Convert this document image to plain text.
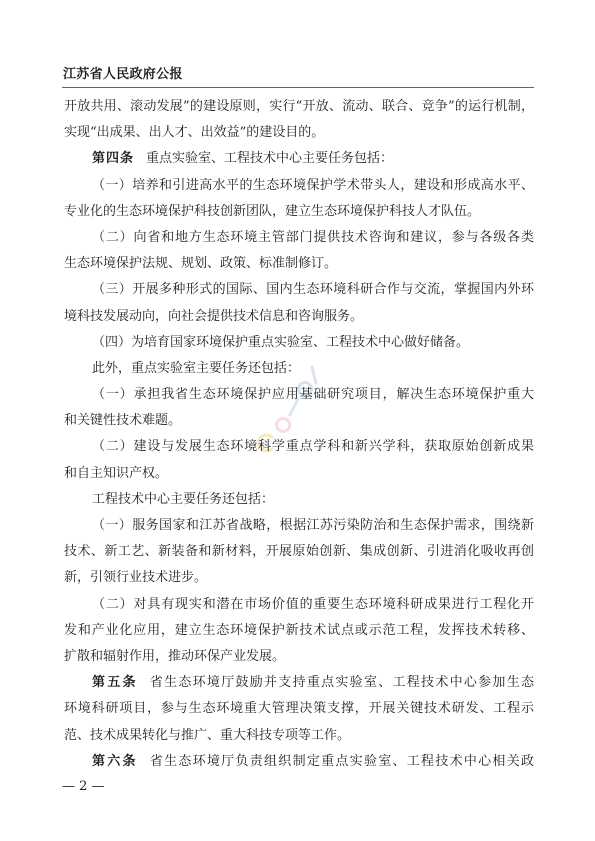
江苏省人民政府公报
开放共用、滚动发展”的建设原则，实行“开放、流动、联合、竞争”的运行机制，
实现“出成果、出人才、出效益”的建设目的。
第四条 重点实验室、工程技术中心主要任务包括：
（一）培养和引进高水平的生态环境保护学术带头人，建设和形成高水平、
专业化的生态环境保护科技创新团队，建立生态环境保护科技人才队伍。
（二）向省和地方生态环境主管部门提供技术咨询和建议，参与各级各类
生态环境保护法规、规划、政策、标准制修订。
（三）开展多种形式的国际、国内生态环境科研合作与交流，掌握国内外环
境科技发展动向，向社会提供技术信息和咨询服务。
（四）为培育国家环境保护重点实验室、工程技术中心做好储备。
此外，重点实验室主要任务还包括：
（一）承担我省生态环境保护应用基础研究项目，解决生态环境保护重大
和关键性技术难题。
（二）建设与发展生态环境科学重点学科和新兴学科，获取原始创新成果
和自主知识产权。
工程技术中心主要任务还包括：
（一）服务国家和江苏省战略，根据江苏污染防治和生态保护需求，围绕新
技术、新工艺、新装备和新材料，开展原始创新、集成创新、引进消化吸收再创
新，引领行业技术进步。
（二）对具有现实和潜在市场价值的重要生态环境科研成果进行工程化开
发和产业化应用，建立生态环境保护新技术试点或示范工程，发挥技术转移、
扩散和辐射作用，推动环保产业发展。
第五条 省生态环境厅鼓励并支持重点实验室、工程技术中心参加生态
环境科研项目，参与生态环境重大管理决策支撑，开展关键技术研发、工程示
范、技术成果转化与推广、重大科技专项等工作。
第六条 省生态环境厅负责组织制定重点实验室、工程技术中心相关政
— 2 —
